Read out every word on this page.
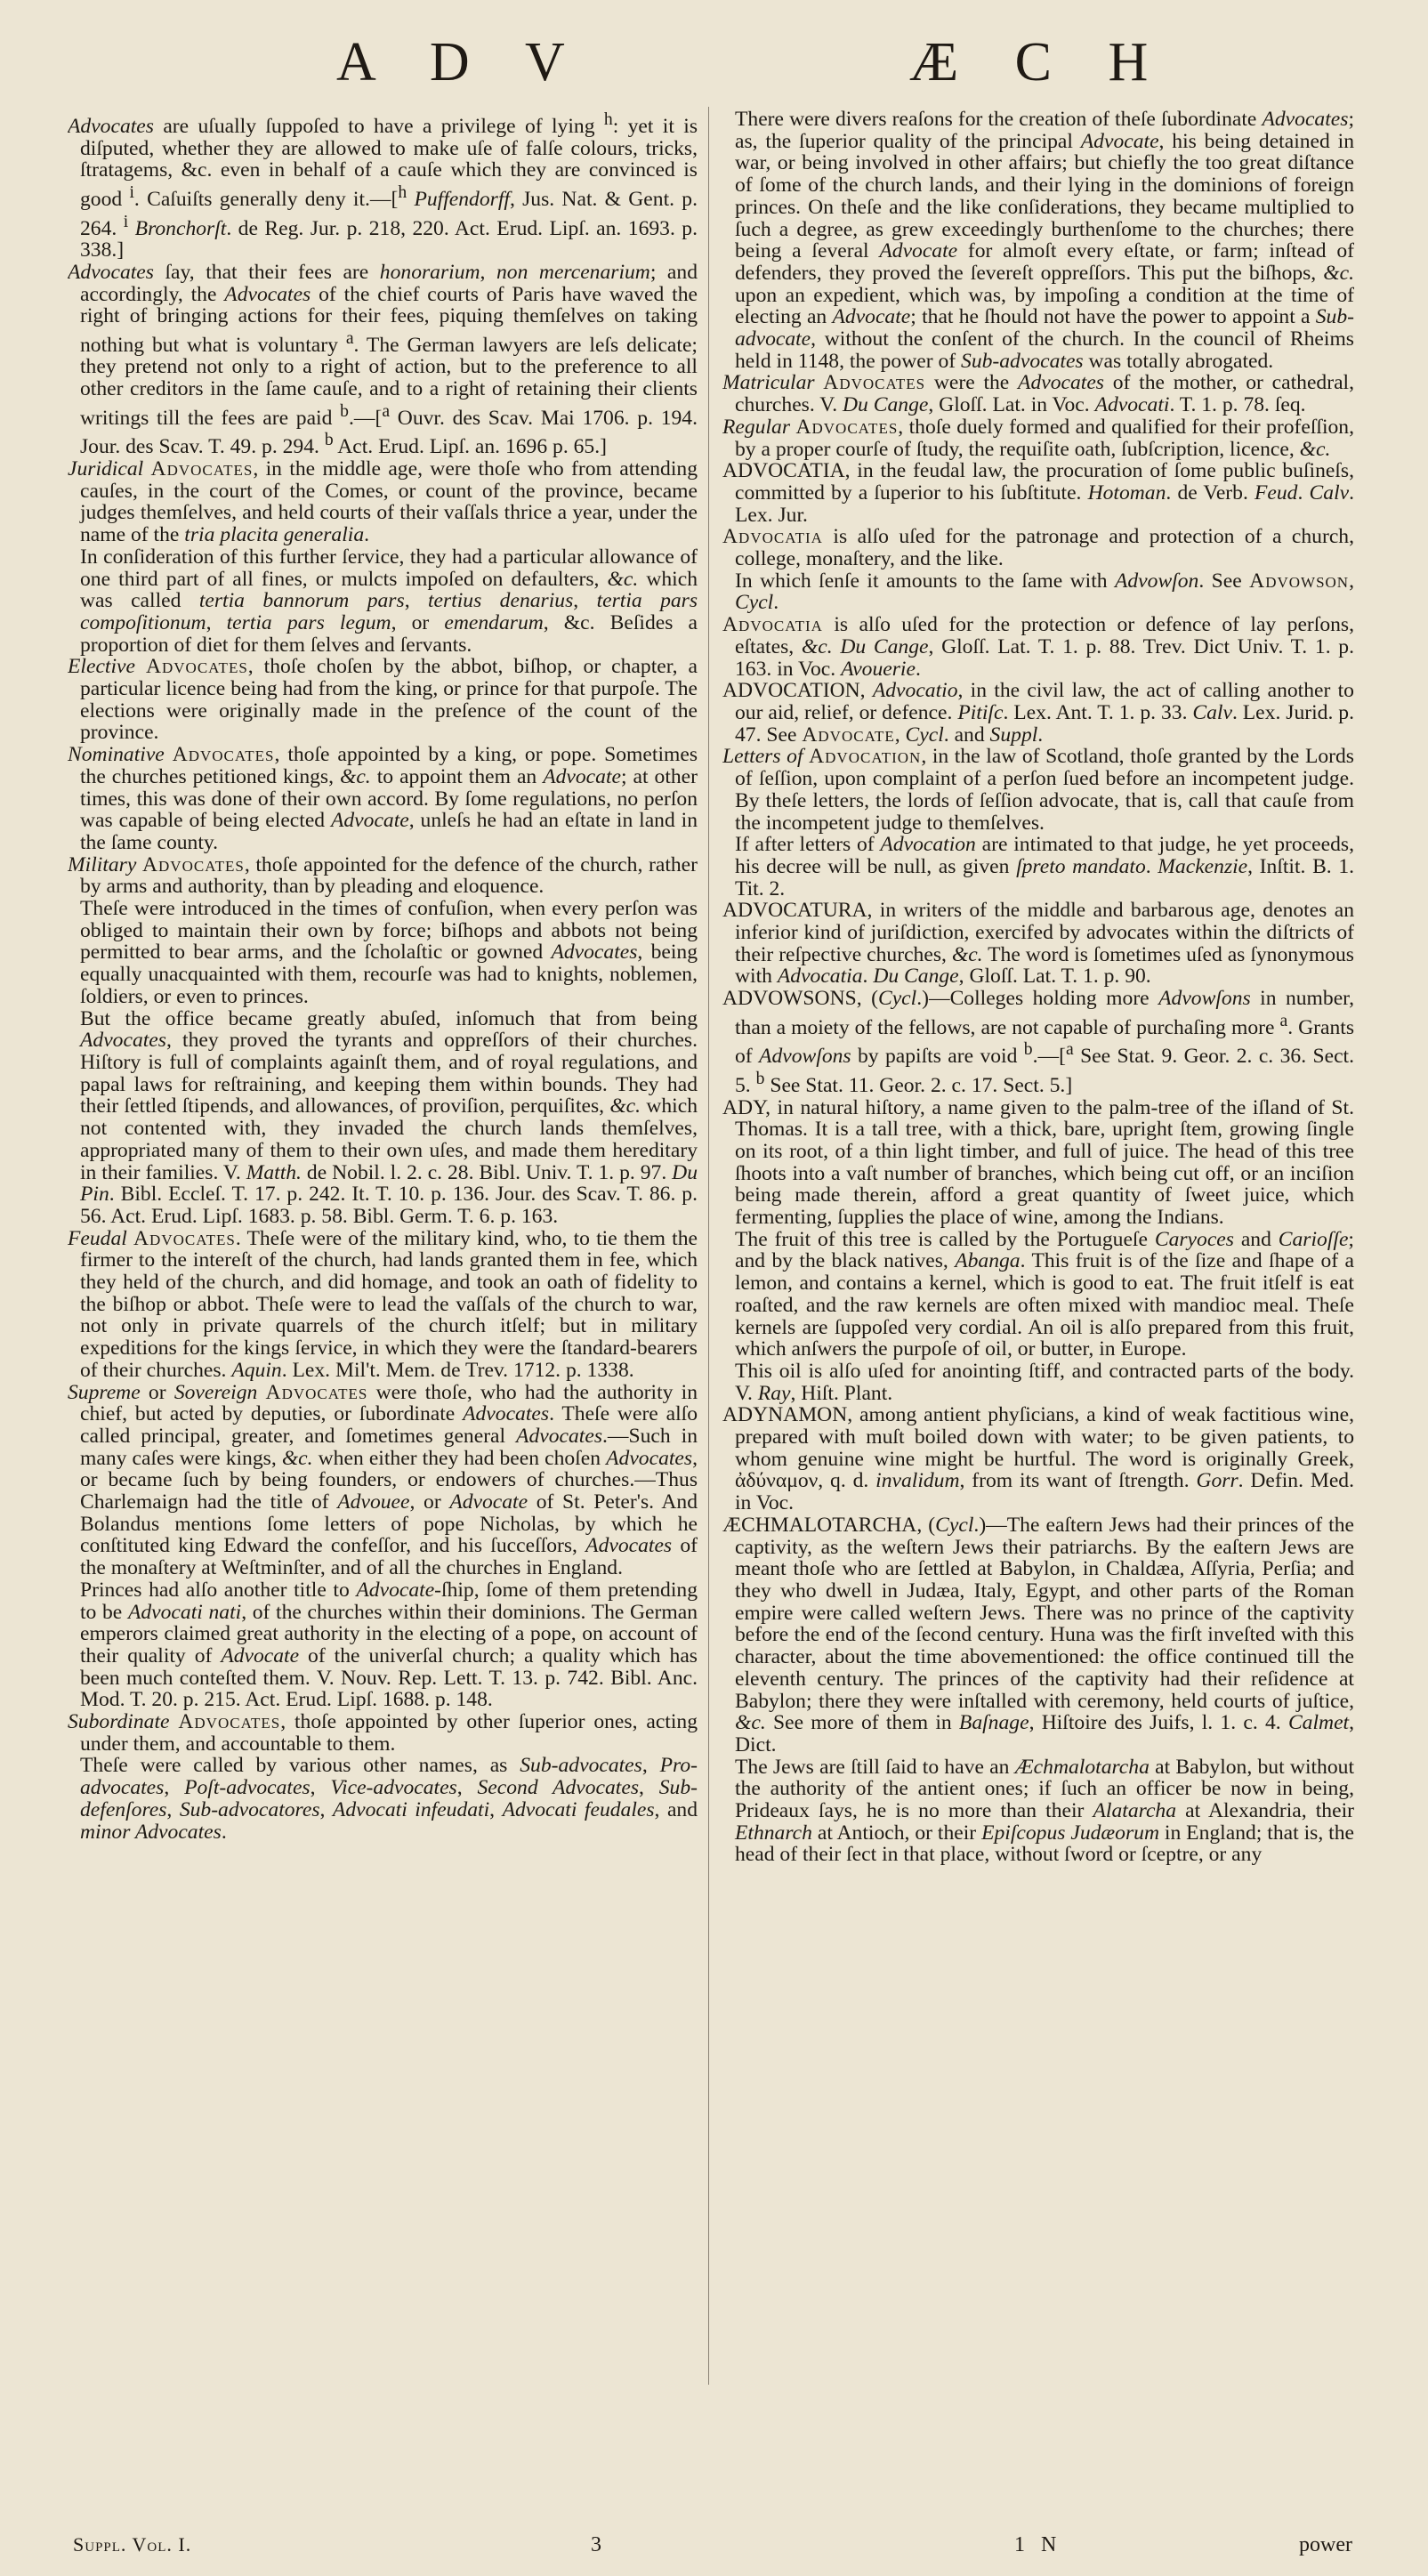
A D V	Æ C H

Advocates are uſually ſuppoſed to have a privilege of lying $^h$: yet it is diſputed, whether they are allowed to make uſe of falſe colours, tricks, ſtratagems, &c. even in behalf of a cauſe which they are convinced is good $^i$. Caſuiſts generally deny it.—[$^h$ Puffendorff, Jus. Nat. & Gent. p. 264. $^i$ Bronchorſt. de Reg. Jur. p. 218, 220. Act. Erud. Lipſ. an. 1693. p. 338.]

Advocates ſay, that their fees are honorarium, non mercenarium; and accordingly, the Advocates of the chief courts of Paris have waved the right of bringing actions for their fees, piquing themſelves on taking nothing but what is voluntary $^a$. The German lawyers are leſs delicate; they pretend not only to a right of action, but to the preference to all other creditors in the ſame cauſe, and to a right of retaining their clients writings till the fees are paid $^b$.—[$^a$ Ouvr. des Scav. Mai 1706. p. 194. Jour. des Scav. T. 49. p. 294. $^b$ Act. Erud. Lipſ. an. 1696 p. 65.]

Juridical Advocates, in the middle age, were thoſe who from attending cauſes, in the court of the Comes, or count of the province, became judges themſelves, and held courts of their vaſſals thrice a year, under the name of the tria placita generalia.

In conſideration of this further ſervice, they had a particular allowance of one third part of all fines, or mulcts impoſed on defaulters, &c. which was called tertia bannorum pars, tertius denarius, tertia pars compoſitionum, tertia pars legum, or emendarum, &c. Beſides a proportion of diet for them ſelves and ſervants.

Elective Advocates, thoſe choſen by the abbot, biſhop, or chapter, a particular licence being had from the king, or prince for that purpoſe. The elections were originally made in the preſence of the count of the province.

Nominative Advocates, thoſe appointed by a king, or pope. Sometimes the churches petitioned kings, &c. to appoint them an Advocate; at other times, this was done of their own accord. By ſome regulations, no perſon was capable of being elected Advocate, unleſs he had an eſtate in land in the ſame county.

Military Advocates, thoſe appointed for the defence of the church, rather by arms and authority, than by pleading and eloquence.

Theſe were introduced in the times of confuſion, when every perſon was obliged to maintain their own by force; biſhops and abbots not being permitted to bear arms, and the ſcholaſtic or gowned Advocates, being equally unacquainted with them, recourſe was had to knights, noblemen, ſoldiers, or even to princes.

But the office became greatly abuſed, inſomuch that from being Advocates, they proved the tyrants and oppreſſors of their churches. Hiſtory is full of complaints againſt them, and of royal regulations, and papal laws for reſtraining, and keeping them within bounds. They had their ſettled ſtipends, and allowances, of proviſion, perquiſites, &c. which not contented with, they invaded the church lands themſelves, appropriated many of them to their own uſes, and made them hereditary in their families. V. Matth. de Nobil. l. 2. c. 28. Bibl. Univ. T. 1. p. 97. Du Pin. Bibl. Eccleſ. T. 17. p. 242. It. T. 10. p. 136. Jour. des Scav. T. 86. p. 56. Act. Erud. Lipſ. 1683. p. 58. Bibl. Germ. T. 6. p. 163.

Feudal Advocates. Theſe were of the military kind, who, to tie them the firmer to the intereſt of the church, had lands granted them in fee, which they held of the church, and did homage, and took an oath of fidelity to the biſhop or abbot. Theſe were to lead the vaſſals of the church to war, not only in private quarrels of the church itſelf; but in military expeditions for the kings ſervice, in which they were the ſtandard-bearers of their churches. Aquin. Lex. Mil't. Mem. de Trev. 1712. p. 1338.

Supreme or Sovereign Advocates were thoſe, who had the authority in chief, but acted by deputies, or ſubordinate Advocates. Theſe were alſo called principal, greater, and ſometimes general Advocates.—Such in many caſes were kings, &c. when either they had been choſen Advocates, or became ſuch by being founders, or endowers of churches.—Thus Charlemaign had the title of Advouee, or Advocate of St. Peter's. And Bolandus mentions ſome letters of pope Nicholas, by which he conſtituted king Edward the confeſſor, and his ſucceſſors, Advocates of the monaſtery at Weſtminſter, and of all the churches in England.

Princes had alſo another title to Advocate-ſhip, ſome of them pretending to be Advocati nati, of the churches within their dominions. The German emperors claimed great authority in the electing of a pope, on account of their quality of Advocate of the univerſal church; a quality which has been much conteſted them. V. Nouv. Rep. Lett. T. 13. p. 742. Bibl. Anc. Mod. T. 20. p. 215. Act. Erud. Lipſ. 1688. p. 148.

Subordinate Advocates, thoſe appointed by other ſuperior ones, acting under them, and accountable to them.

Theſe were called by various other names, as Sub-advocates, Pro-advocates, Poſt-advocates, Vice-advocates, Second Advocates, Sub-defenſores, Sub-advocatores, Advocati infeudati, Advocati feudales, and minor Advocates.

There were divers reaſons for the creation of theſe ſubordinate Advocates; as, the ſuperior quality of the principal Advocate, his being detained in war, or being involved in other affairs; but chiefly the too great diſtance of ſome of the church lands, and their lying in the dominions of foreign princes. On theſe and the like conſiderations, they became multiplied to ſuch a degree, as grew exceedingly burthenſome to the churches; there being a ſeveral Advocate for almoſt every eſtate, or farm; inſtead of defenders, they proved the ſevereſt oppreſſors. This put the biſhops, &c. upon an expedient, which was, by impoſing a condition at the time of electing an Advocate; that he ſhould not have the power to appoint a Sub-advocate, without the conſent of the church. In the council of Rheims held in 1148, the power of Sub-advocates was totally abrogated.

Matricular Advocates were the Advocates of the mother, or cathedral, churches. V. Du Cange, Gloſſ. Lat. in Voc. Advocati. T. 1. p. 78. ſeq.

Regular Advocates, thoſe duely formed and qualified for their profeſſion, by a proper courſe of ſtudy, the requiſite oath, ſubſcription, licence, &c.

ADVOCATIA, in the feudal law, the procuration of ſome public buſineſs, committed by a ſuperior to his ſubſtitute. Hotoman. de Verb. Feud. Calv. Lex. Jur.

Advocatia is alſo uſed for the patronage and protection of a church, college, monaſtery, and the like.

In which ſenſe it amounts to the ſame with Advowſon. See Advowson, Cycl.

Advocatia is alſo uſed for the protection or defence of lay perſons, eſtates, &c. Du Cange, Gloſſ. Lat. T. 1. p. 88. Trev. Dict Univ. T. 1. p. 163. in Voc. Avouerie.

ADVOCATION, Advocatio, in the civil law, the act of calling another to our aid, relief, or defence. Pitiſc. Lex. Ant. T. 1. p. 33. Calv. Lex. Jurid. p. 47. See Advocate, Cycl. and Suppl.

Letters of Advocation, in the law of Scotland, thoſe granted by the Lords of ſeſſion, upon complaint of a perſon ſued before an incompetent judge. By theſe letters, the lords of ſeſſion advocate, that is, call that cauſe from the incompetent judge to themſelves.

If after letters of Advocation are intimated to that judge, he yet proceeds, his decree will be null, as given ſpreto mandato. Mackenzie, Inſtit. B. 1. Tit. 2.

ADVOCATURA, in writers of the middle and barbarous age, denotes an inferior kind of juriſdiction, exercifed by advocates within the diſtricts of their reſpective churches, &c. The word is ſometimes uſed as ſynonymous with Advocatia. Du Cange, Gloſſ. Lat. T. 1. p. 90.

ADVOWSONS, (Cycl.)—Colleges holding more Advowſons in number, than a moiety of the fellows, are not capable of purchaſing more $^a$. Grants of Advowſons by papiſts are void $^b$.—[$^a$ See Stat. 9. Geor. 2. c. 36. Sect. 5. $^b$ See Stat. 11. Geor. 2. c. 17. Sect. 5.]

ADY, in natural hiſtory, a name given to the palm-tree of the iſland of St. Thomas. It is a tall tree, with a thick, bare, upright ſtem, growing ſingle on its root, of a thin light timber, and full of juice. The head of this tree ſhoots into a vaſt number of branches, which being cut off, or an inciſion being made therein, afford a great quantity of ſweet juice, which fermenting, ſupplies the place of wine, among the Indians.

The fruit of this tree is called by the Portugueſe Caryoces and Carioſſe; and by the black natives, Abanga. This fruit is of the ſize and ſhape of a lemon, and contains a kernel, which is good to eat. The fruit itſelf is eat roaſted, and the raw kernels are often mixed with mandioc meal. Theſe kernels are ſuppoſed very cordial. An oil is alſo prepared from this fruit, which anſwers the purpoſe of oil, or butter, in Europe.

This oil is alſo uſed for anointing ſtiff, and contracted parts of the body. V. Ray, Hiſt. Plant.

ADYNAMON, among antient phyſicians, a kind of weak factitious wine, prepared with muſt boiled down with water; to be given patients, to whom genuine wine might be hurtful. The word is originally Greek, ἀδύναμον, q. d. invalidum, from its want of ſtrength. Gorr. Defin. Med. in Voc.

ÆCHMALOTARCHA, (Cycl.)—The eaſtern Jews had their princes of the captivity, as the weſtern Jews their patriarchs. By the eaſtern Jews are meant thoſe who are ſettled at Babylon, in Chaldæa, Aſſyria, Perſia; and they who dwell in Judæa, Italy, Egypt, and other parts of the Roman empire were called weſtern Jews. There was no prince of the captivity before the end of the ſecond century. Huna was the firſt inveſted with this character, about the time abovementioned: the office continued till the eleventh century. The princes of the captivity had their reſidence at Babylon; there they were inſtalled with ceremony, held courts of juſtice, &c. See more of them in Baſnage, Hiſtoire des Juifs, l. 1. c. 4. Calmet, Dict.

The Jews are ſtill ſaid to have an Æchmalotarcha at Babylon, but without the authority of the antient ones; if ſuch an officer be now in being, Prideaux ſays, he is no more than their Alatarcha at Alexandria, their Ethnarch at Antioch, or their Epiſcopus Judæorum in England; that is, the head of their ſect in that place, without ſword or ſceptre, or any

Suppl. Vol. I.	3	1 N	power
